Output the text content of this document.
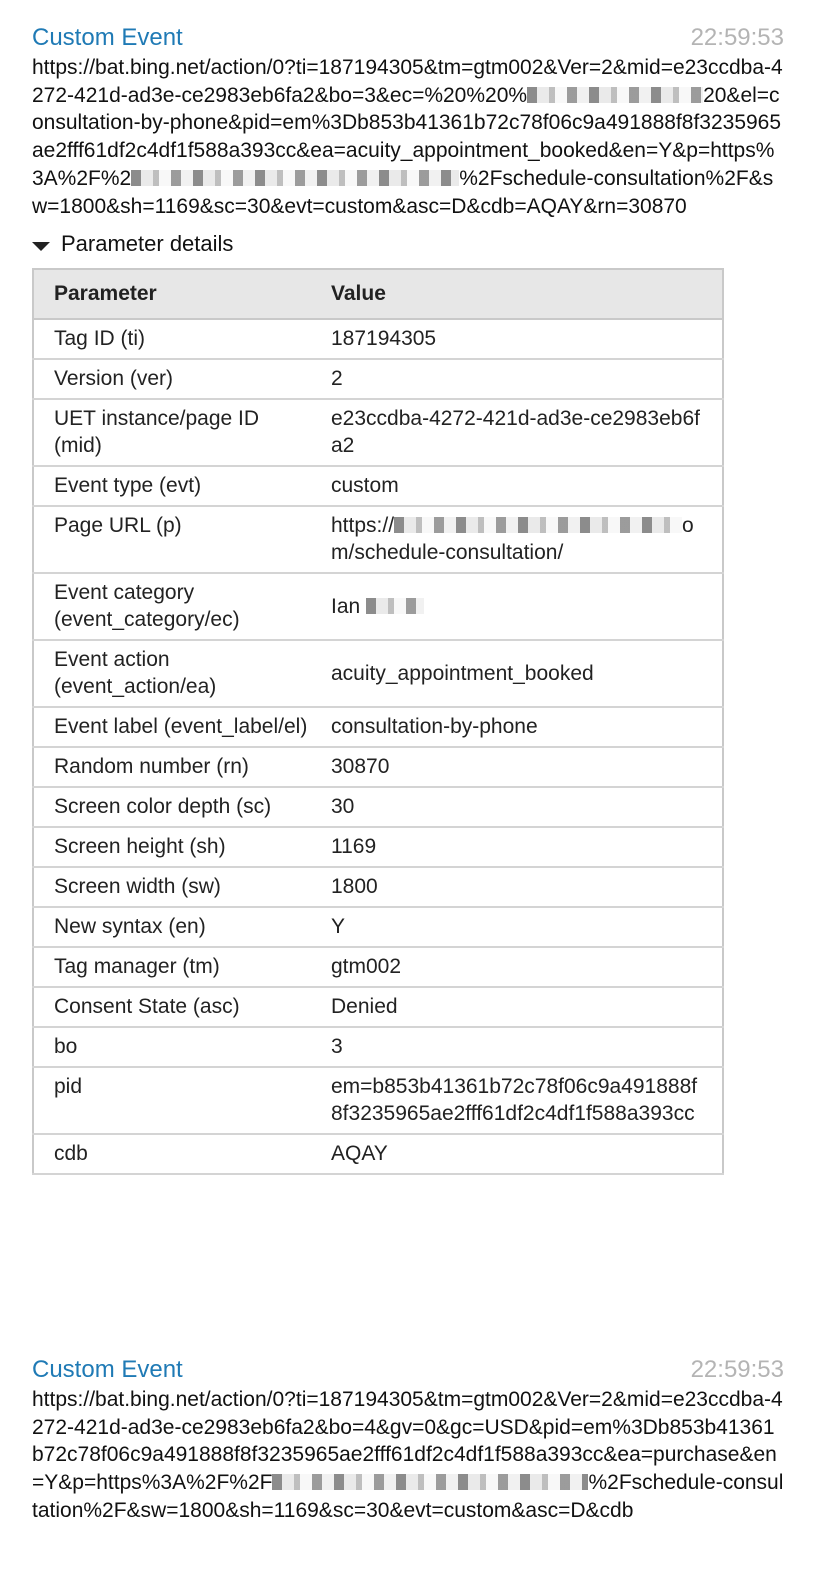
Custom Event	22:59:53

https://bat.bing.net/action/0?ti=187194305&tm=gtm002&Ver=2&mid=e23ccdba-4272-421d-ad3e-ce2983eb6fa2&bo=3&ec=%20%20%	20&el=consultation-by-phone&pid=em%3Db853b41361b72c78f06c9a491888f8f3235965ae2fff61df2c4df1f588a393cc&ea=acuity_appointment_booked&en=Y&p=https%3A%2F%2	%2Fschedule-consultation%2F&sw=1800&sh=1169&sc=30&evt=custom&asc=D&cdb=AQAY&rn=30870

Parameter details
Parameter	Value
Tag ID (ti)	187194305
Version (ver)	2
UET instance/page ID (mid)	e23ccdba-4272-421d-ad3e-ce2983eb6fa2
Event type (evt)	custom
Page URL (p)	https:// om/schedule-consultation/
Event category (event_category/ec)	Ian
Event action (event_action/ea)	acuity_appointment_booked
Event label (event_label/el)	consultation-by-phone
Random number (rn)	30870
Screen color depth (sc)	30
Screen height (sh)	1169
Screen width (sw)	1800
New syntax (en)	Y
Tag manager (tm)	gtm002
Consent State (asc)	Denied
bo	3
pid	em=b853b41361b72c78f06c9a491888f8f3235965ae2fff61df2c4df1f588a393cc
cdb	AQAY
Custom Event	22:59:53

https://bat.bing.net/action/0?ti=187194305&tm=gtm002&Ver=2&mid=e23ccdba-4272-421d-ad3e-ce2983eb6fa2&bo=4&gv=0&gc=USD&pid=em%3Db853b41361b72c78f06c9a491888f8f3235965ae2fff61df2c4df1f588a393cc&ea=purchase&en=Y&p=https%3A%2F%2F	%2Fschedule-consultation%2F&sw=1800&sh=1169&sc=30&evt=custom&asc=D&cdb
